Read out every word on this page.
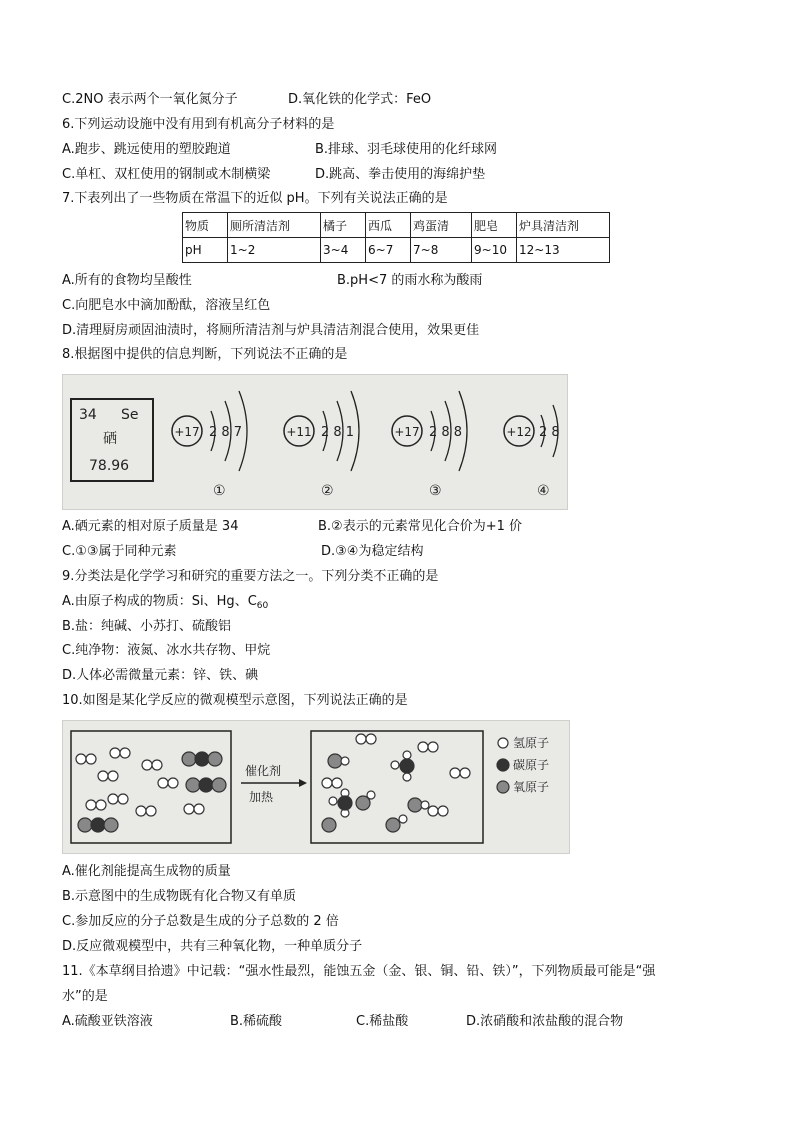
C.2NO 表示两个一氧化氮分子	D.氧化铁的化学式：FeO
6.下列运动设施中没有用到有机高分子材料的是
A.跑步、跳远使用的塑胶跑道	B.排球、羽毛球使用的化纤球网
C.单杠、双杠使用的钢制或木制横梁	D.跳高、拳击使用的海绵护垫
7.下表列出了一些物质在常温下的近似 pH。下列有关说法正确的是
物质	厕所清洁剂	橘子	西瓜	鸡蛋清	肥皂	炉具清洁剂
pH	1~2	3~4	6~7	7~8	9~10	12~13
A.所有的食物均呈酸性	B.pH<7 的雨水称为酸雨
C.向肥皂水中滴加酚酞，溶液呈红色
D.清理厨房顽固油渍时，将厕所清洁剂与炉具清洁剂混合使用，效果更佳
8.根据图中提供的信息判断，下列说法不正确的是
34 Se
硒
78.96
+17 2 8 7
①
+11 2 8 1
②
+17 2 8 8
③
+12 2 8
④
A.硒元素的相对原子质量是 34	B.②表示的元素常见化合价为+1 价
C.①③属于同种元素	D.③④为稳定结构
9.分类法是化学学习和研究的重要方法之一。下列分类不正确的是
A.由原子构成的物质：Si、Hg、$C_{60}$
B.盐：纯碱、小苏打、硫酸铝
C.纯净物：液氮、冰水共存物、甲烷
D.人体必需微量元素：锌、铁、碘
10.如图是某化学反应的微观模型示意图，下列说法正确的是
催化剂
加热
氢原子
碳原子
氧原子
A.催化剂能提高生成物的质量
B.示意图中的生成物既有化合物又有单质
C.参加反应的分子总数是生成的分子总数的 2 倍
D.反应微观模型中，共有三种氧化物，一种单质分子
11.《本草纲目拾遗》中记载：“强水性最烈，能蚀五金（金、银、铜、铅、铁）”，下列物质最可能是“强
水”的是
A.硫酸亚铁溶液	B.稀硫酸	C.稀盐酸	D.浓硝酸和浓盐酸的混合物
